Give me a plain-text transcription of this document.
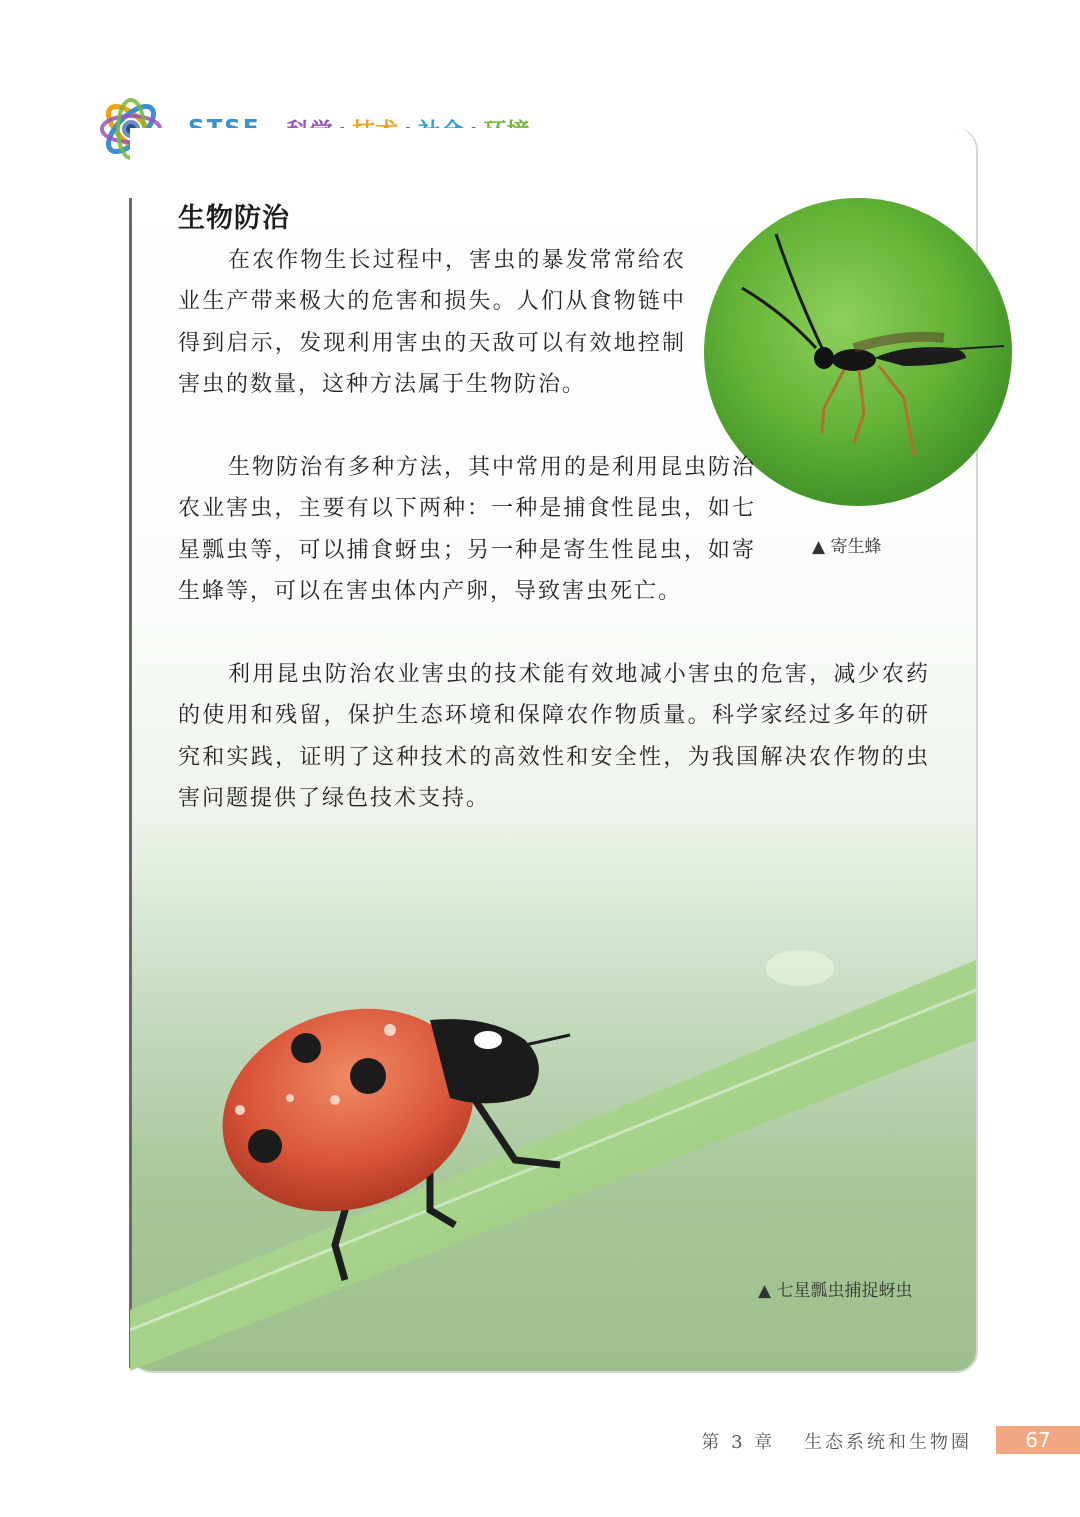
生物防治

在农作物生长过程中，害虫的暴发常常给农业生产带来极大的危害和损失。人们从食物链中得到启示，发现利用害虫的天敌可以有效地控制害虫的数量，这种方法属于生物防治。

生物防治有多种方法，其中常用的是利用昆虫防治农业害虫，主要有以下两种：一种是捕食性昆虫，如七星瓢虫等，可以捕食蚜虫；另一种是寄生性昆虫，如寄生蜂等，可以在害虫体内产卵，导致害虫死亡。

利用昆虫防治农业害虫的技术能有效地减小害虫的危害，减少农药的使用和残留，保护生态环境和保障农作物质量。科学家经过多年的研究和实践，证明了这种技术的高效性和安全性，为我国解决农作物的虫害问题提供了绿色技术支持。

▲ 寄生蜂
▲ 七星瓢虫捕捉蚜虫
第 3 章 生态系统和生物圈	67
